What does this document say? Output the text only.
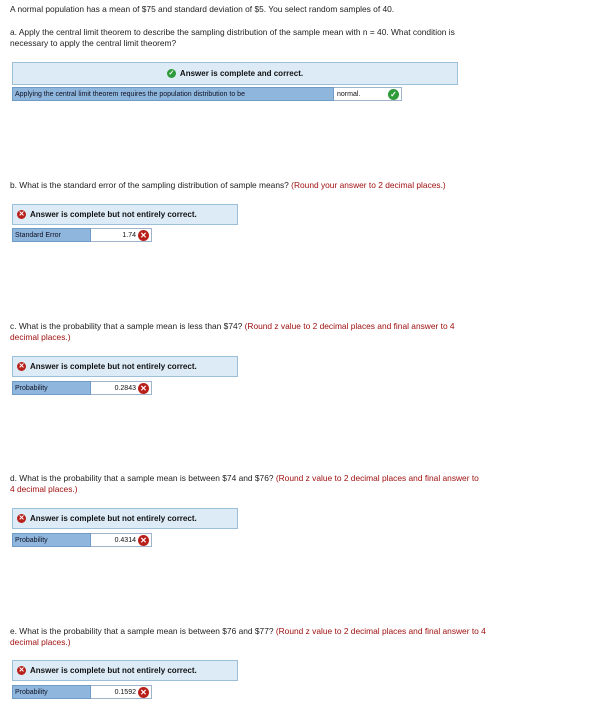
A normal population has a mean of $75 and standard deviation of $5. You select random samples of 40.
a. Apply the central limit theorem to describe the sampling distribution of the sample mean with n = 40. What condition is
necessary to apply the central limit theorem?
✓ Answer is complete and correct.
Applying the central limit theorem requires the population distribution to be	normal.	✓
b. What is the standard error of the sampling distribution of sample means? (Round your answer to 2 decimal places.)
✕ Answer is complete but not entirely correct.
Standard Error	1.74 ✕
c. What is the probability that a sample mean is less than $74? (Round z value to 2 decimal places and final answer to 4
decimal places.)
✕ Answer is complete but not entirely correct.
Probability	0.2843 ✕
d. What is the probability that a sample mean is between $74 and $76? (Round z value to 2 decimal places and final answer to
4 decimal places.)
✕ Answer is complete but not entirely correct.
Probability	0.4314 ✕
e. What is the probability that a sample mean is between $76 and $77? (Round z value to 2 decimal places and final answer to 4
decimal places.)
✕ Answer is complete but not entirely correct.
Probability	0.1592 ✕
